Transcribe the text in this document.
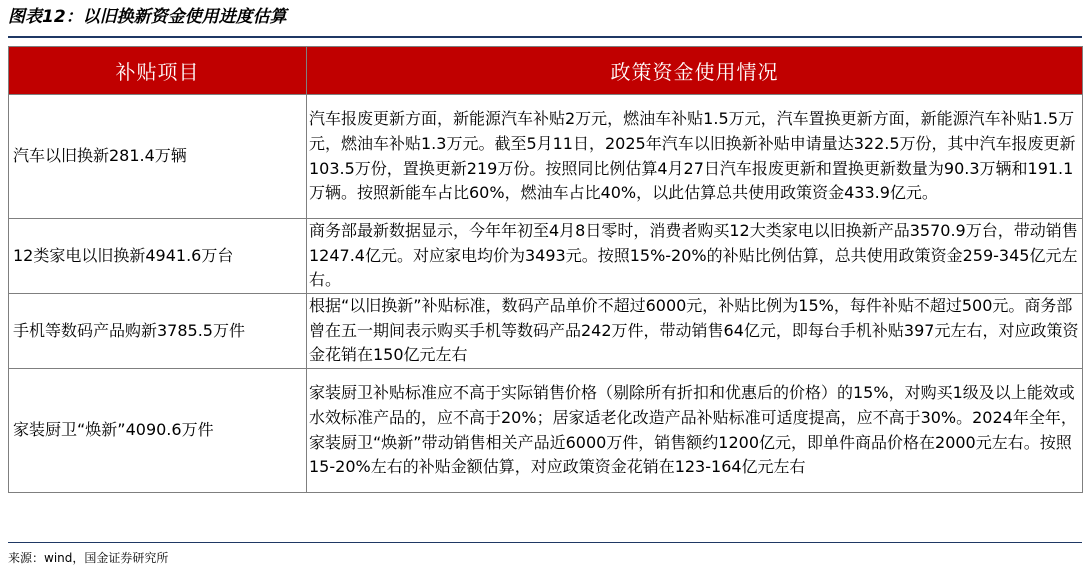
图表12：以旧换新资金使用进度估算
补贴项目	政策资金使用情况
汽车以旧换新281.4万辆	汽车报废更新方面，新能源汽车补贴2万元，燃油车补贴1.5万元，汽车置换更新方面，新能源汽车补贴1.5万元，燃油车补贴1.3万元。截至5月11日，2025年汽车以旧换新补贴申请量达322.5万份，其中汽车报废更新103.5万份，置换更新219万份。按照同比例估算4月27日汽车报废更新和置换更新数量为90.3万辆和191.1万辆。按照新能车占比60%，燃油车占比40%，以此估算总共使用政策资金433.9亿元。
12类家电以旧换新4941.6万台	商务部最新数据显示，今年年初至4月8日零时，消费者购买12大类家电以旧换新产品3570.9万台，带动销售1247.4亿元。对应家电均价为3493元。按照15%-20%的补贴比例估算，总共使用政策资金259-345亿元左右。
手机等数码产品购新3785.5万件	根据“以旧换新”补贴标准，数码产品单价不超过6000元，补贴比例为15%，每件补贴不超过500元。商务部曾在五一期间表示购买手机等数码产品242万件，带动销售64亿元，即每台手机补贴397元左右，对应政策资金花销在150亿元左右
家装厨卫“焕新”4090.6万件	家装厨卫补贴标准应不高于实际销售价格（剔除所有折扣和优惠后的价格）的15%，对购买1级及以上能效或水效标准产品的，应不高于20%；居家适老化改造产品补贴标准可适度提高，应不高于30%。2024年全年，家装厨卫“焕新”带动销售相关产品近6000万件，销售额约1200亿元，即单件商品价格在2000元左右。按照15-20%左右的补贴金额估算，对应政策资金花销在123-164亿元左右
来源：wind，国金证券研究所
